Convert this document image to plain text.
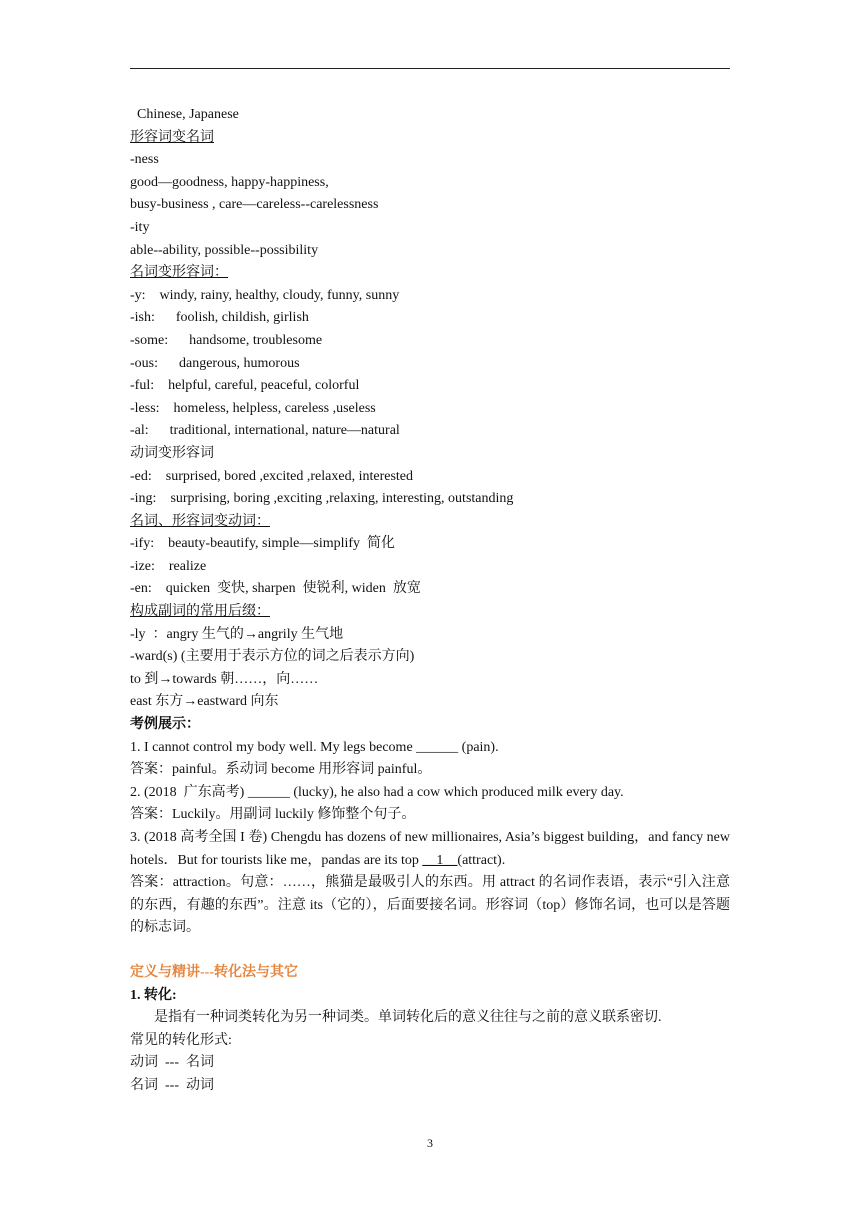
Chinese, Japanese
形容词变名词
-ness
good—goodness, happy-happiness,
busy-business , care—careless--carelessness
-ity
able--ability, possible--possibility
名词变形容词：
-y:    windy, rainy, healthy, cloudy, funny, sunny
-ish:      foolish, childish, girlish
-some:      handsome, troublesome
-ous:      dangerous, humorous
-ful:    helpful, careful, peaceful, colorful
-less:    homeless, helpless, careless ,useless
-al:      traditional, international, nature—natural
动词变形容词
-ed:    surprised, bored ,excited ,relaxed, interested
-ing:    surprising, boring ,exciting ,relaxing, interesting, outstanding
名词、形容词变动词：
-ify:    beauty-beautify, simple—simplify  简化
-ize:    realize
-en:    quicken  变快, sharpen  使锐利, widen  放宽
构成副词的常用后缀：
-ly  ：angry 生气的→angrily 生气地
-ward(s) (主要用于表示方位的词之后表示方向)
to 到→towards 朝……，向……
east 东方→eastward 向东
考例展示：
1. I cannot control my body well. My legs become ______ (pain).
答案：painful。系动词 become 用形容词 painful。
2. (2018  广东高考) ______ (lucky), he also had a cow which produced milk every day.
答案：Luckily。用副词 luckily 修饰整个句子。
3. (2018 高考全国 I 卷) Chengdu has dozens of new millionaires, Asia’s biggest building，and fancy new hotels．But for tourists like me，pandas are its top __1__(attract).
答案：attraction。句意：……，熊猫是最吸引人的东西。用 attract 的名词作表语，表示“引入注意的东西，有趣的东西”。注意 its（它的），后面要接名词。形容词（top）修饰名词，也可以是答题的标志词。
定义与精讲---转化法与其它
1. 转化:
是指有一种词类转化为另一种词类。单词转化后的意义往往与之前的意义联系密切.
常见的转化形式:
动词  ---  名词
名词  ---  动词
3
